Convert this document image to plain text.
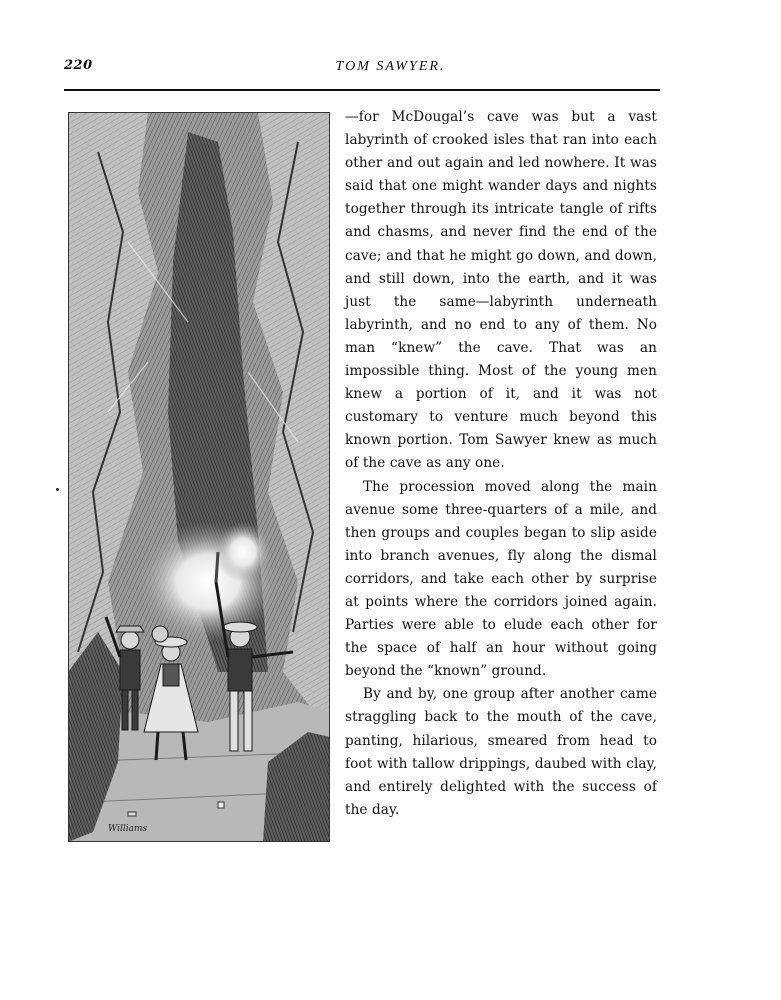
220	TOM SAWYER.
Williams

—for McDougal’s cave was but a vast labyrinth of crooked isles that ran into each other and out again and led nowhere. It was said that one might wander days and nights together through its intricate tangle of rifts and chasms, and never find the end of the cave; and that he might go down, and down, and still down, into the earth, and it was just the same—labyrinth underneath labyrinth, and no end to any of them. No man “knew” the cave. That was an impossible thing. Most of the young men knew a portion of it, and it was not customary to venture much beyond this known portion. Tom Sawyer knew as much of the cave as any one.

The procession moved along the main avenue some three-quarters of a mile, and then groups and couples began to slip aside into branch avenues, fly along the dismal corridors, and take each other by surprise at points where the corridors joined again. Parties were able to elude each other for the space of half an hour without going beyond the “known” ground.

By and by, one group after another came straggling back to the mouth of the cave, panting, hilarious, smeared from head to foot with tallow drippings, daubed with clay, and entirely delighted with the success of the day.
